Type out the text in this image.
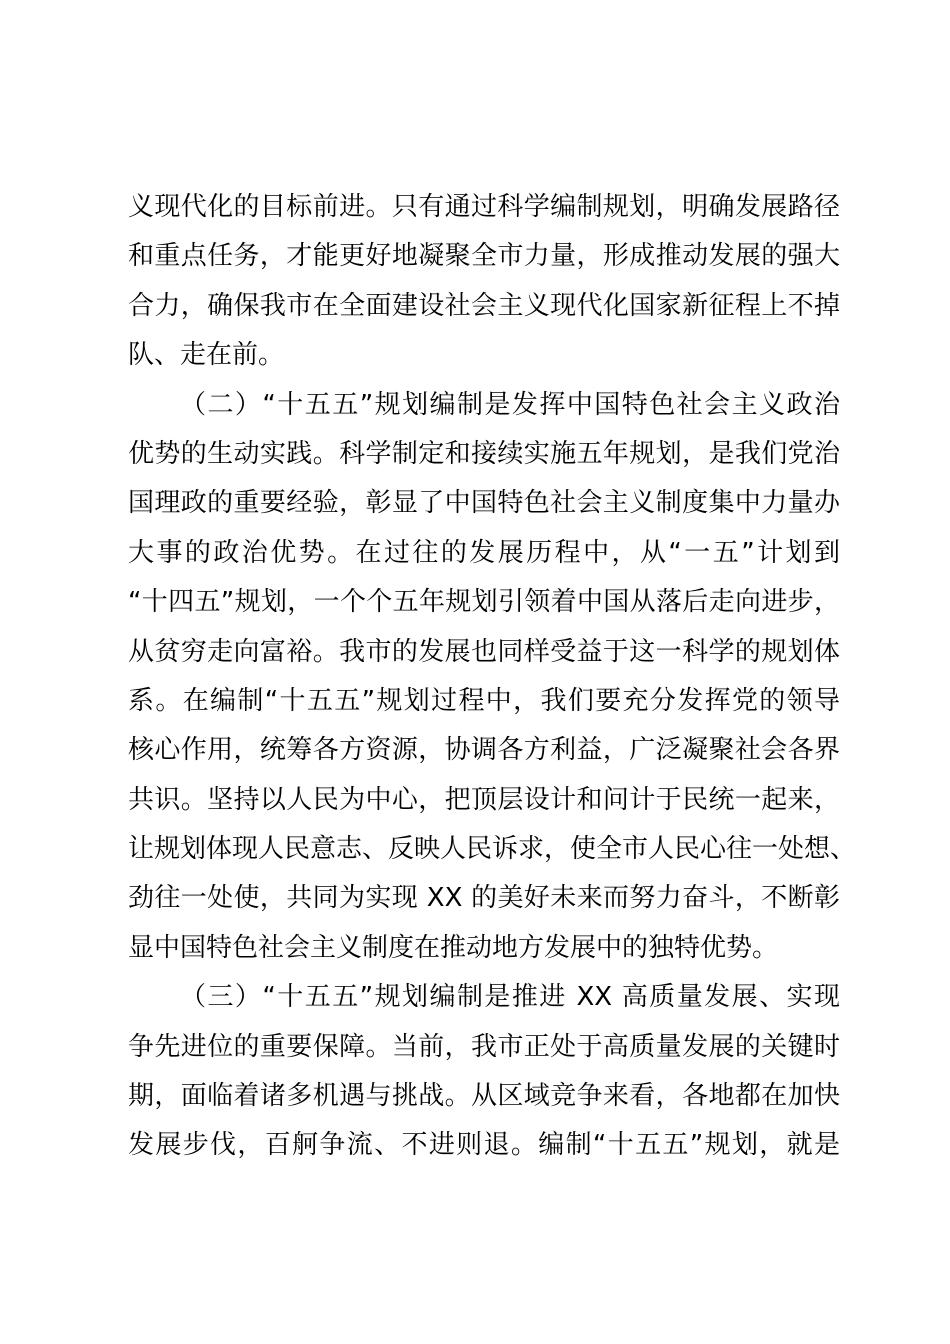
义现代化的目标前进。只有通过科学编制规划，明确发展路径
和重点任务，才能更好地凝聚全市力量，形成推动发展的强大
合力，确保我市在全面建设社会主义现代化国家新征程上不掉
队、走在前。
（二）“十五五”规划编制是发挥中国特色社会主义政治
优势的生动实践。科学制定和接续实施五年规划，是我们党治
国理政的重要经验，彰显了中国特色社会主义制度集中力量办
大事的政治优势。在过往的发展历程中，从“一五”计划到
“十四五”规划，一个个五年规划引领着中国从落后走向进步，
从贫穷走向富裕。我市的发展也同样受益于这一科学的规划体
系。在编制“十五五”规划过程中，我们要充分发挥党的领导
核心作用，统筹各方资源，协调各方利益，广泛凝聚社会各界
共识。坚持以人民为中心，把顶层设计和问计于民统一起来，
让规划体现人民意志、反映人民诉求，使全市人民心往一处想、
劲往一处使，共同为实现 XX 的美好未来而努力奋斗，不断彰
显中国特色社会主义制度在推动地方发展中的独特优势。
（三）“十五五”规划编制是推进 XX 高质量发展、实现
争先进位的重要保障。当前，我市正处于高质量发展的关键时
期，面临着诸多机遇与挑战。从区域竞争来看，各地都在加快
发展步伐，百舸争流、不进则退。编制“十五五”规划，就是
